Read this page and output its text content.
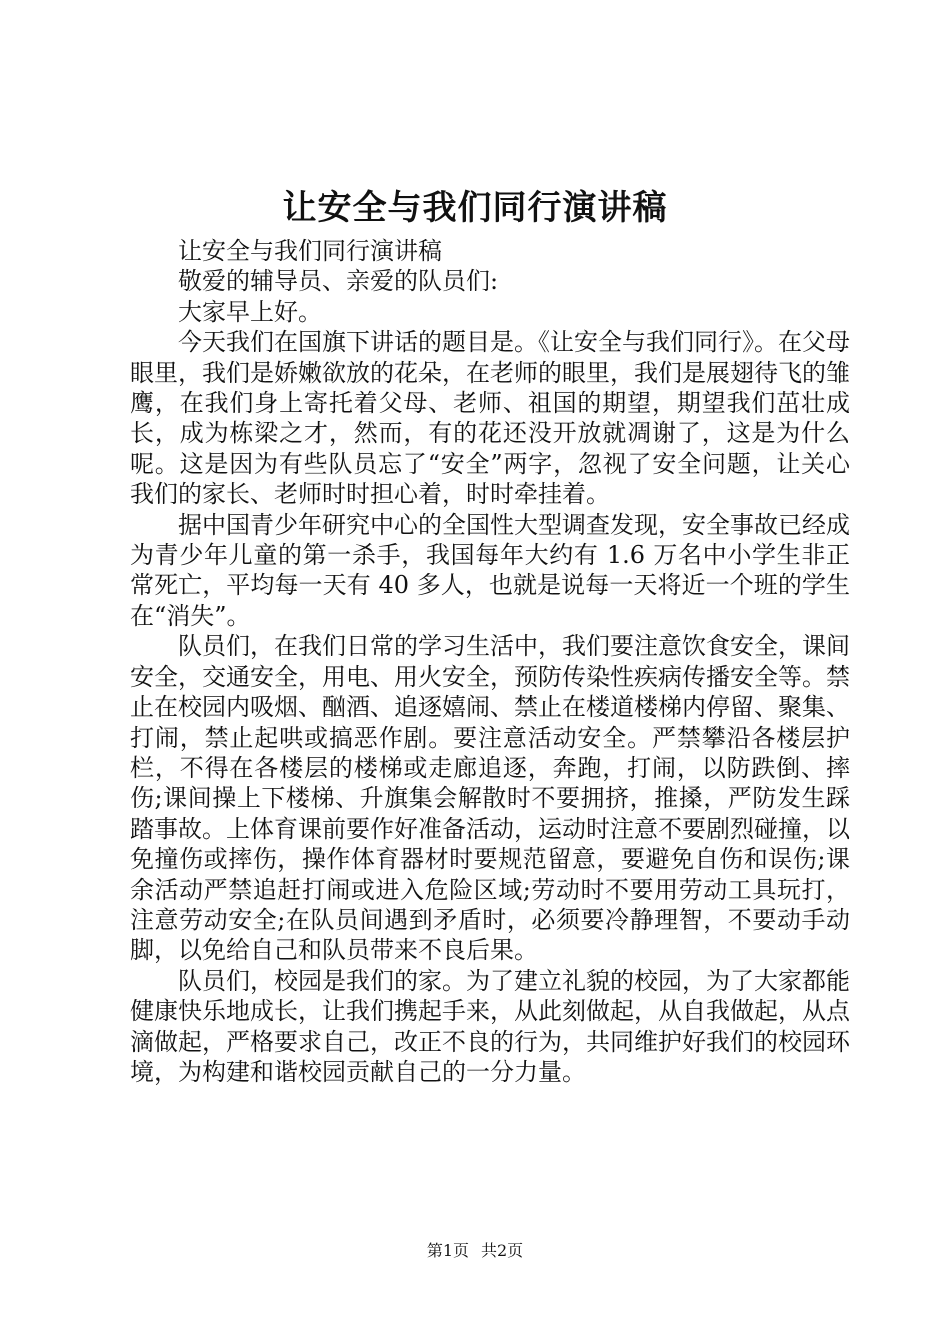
让安全与我们同行演讲稿

让安全与我们同行演讲稿

敬爱的辅导员、亲爱的队员们:

大家早上好。

今天我们在国旗下讲话的题目是。《让安全与我们同行》。在父母眼里，我们是娇嫩欲放的花朵，在老师的眼里，我们是展翅待飞的雏鹰，在我们身上寄托着父母、老师、祖国的期望，期望我们茁壮成长，成为栋梁之才，然而，有的花还没开放就凋谢了，这是为什么呢。这是因为有些队员忘了“安全”两字，忽视了安全问题，让关心我们的家长、老师时时担心着，时时牵挂着。

据中国青少年研究中心的全国性大型调查发现，安全事故已经成为青少年儿童的第一杀手，我国每年大约有 1.6 万名中小学生非正常死亡，平均每一天有 40 多人，也就是说每一天将近一个班的学生在“消失”。

队员们，在我们日常的学习生活中，我们要注意饮食安全，课间安全，交通安全，用电、用火安全，预防传染性疾病传播安全等。禁止在校园内吸烟、酗酒、追逐嬉闹、禁止在楼道楼梯内停留、聚集、打闹，禁止起哄或搞恶作剧。要注意活动安全。严禁攀沿各楼层护栏，不得在各楼层的楼梯或走廊追逐，奔跑，打闹，以防跌倒、摔伤;课间操上下楼梯、升旗集会解散时不要拥挤，推搡，严防发生踩踏事故。上体育课前要作好准备活动，运动时注意不要剧烈碰撞，以免撞伤或摔伤，操作体育器材时要规范留意，要避免自伤和误伤;课余活动严禁追赶打闹或进入危险区域;劳动时不要用劳动工具玩打，注意劳动安全;在队员间遇到矛盾时，必须要冷静理智，不要动手动脚，以免给自己和队员带来不良后果。

队员们，校园是我们的家。为了建立礼貌的校园，为了大家都能健康快乐地成长，让我们携起手来，从此刻做起，从自我做起，从点滴做起，严格要求自己，改正不良的行为，共同维护好我们的校园环境，为构建和谐校园贡献自己的一分力量。

第1页 共2页
